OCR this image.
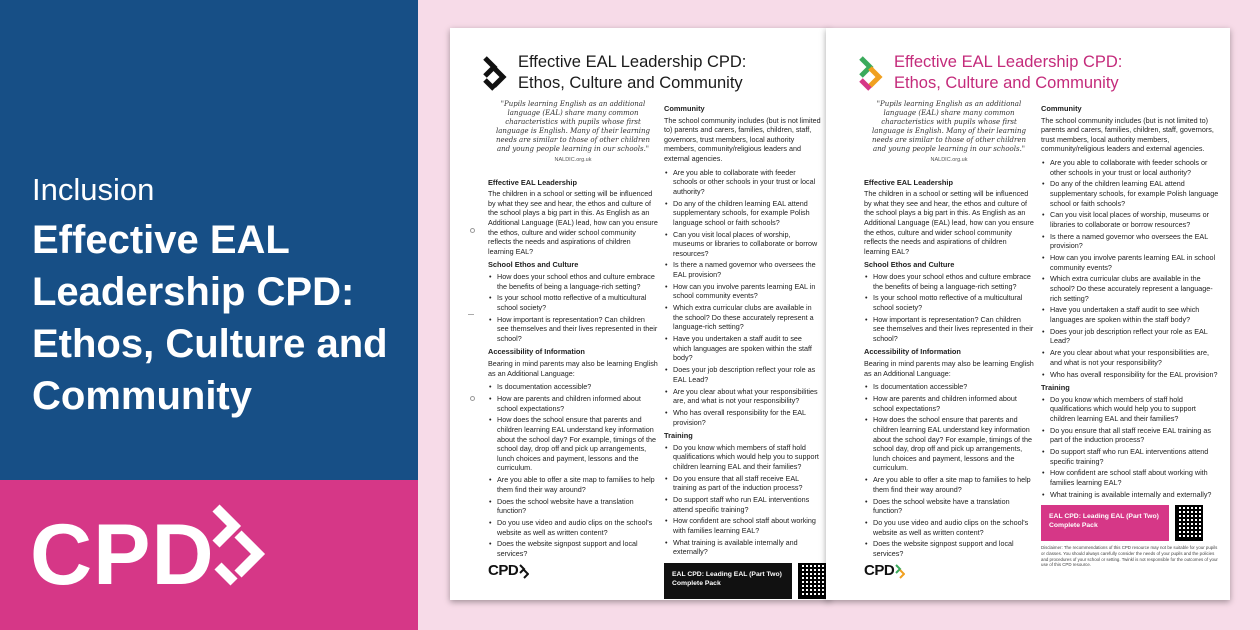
Inclusion
Effective EAL Leadership CPD: Ethos, Culture and Community
CPD
Effective EAL Leadership CPD:
Ethos, Culture and Community
"Pupils learning English as an additional language (EAL) share many common characteristics with pupils whose first language is English. Many of their learning needs are similar to those of other children and young people learning in our schools."
NALDIC.org.uk
Effective EAL Leadership
The children in a school or setting will be influenced by what they see and hear, the ethos and culture of the school plays a big part in this. As English as an Additional Language (EAL) lead, how can you ensure the ethos, culture and wider school community reflects the needs and aspirations of children learning EAL?
School Ethos and Culture
• How does your school ethos and culture embrace the benefits of being a language-rich setting?
• Is your school motto reflective of a multicultural school society?
• How important is representation? Can children see themselves and their lives represented in their school?
Accessibility of Information
Bearing in mind parents may also be learning English as an Additional Language:
• Is documentation accessible?
• How are parents and children informed about school expectations?
• How does the school ensure that parents and children learning EAL understand key information about the school day? For example, timings of the school day, drop off and pick up arrangements, lunch choices and payment, lessons and the curriculum.
• Are you able to offer a site map to families to help them find their way around?
• Does the school website have a translation function?
• Do you use video and audio clips on the school's website as well as written content?
• Does the website signpost support and local services?
Community
The school community includes (but is not limited to) parents and carers, families, children, staff, governors, trust members, local authority members, community/religious leaders and external agencies.
• Are you able to collaborate with feeder schools or other schools in your trust or local authority?
• Do any of the children learning EAL attend supplementary schools, for example Polish language school or faith schools?
• Can you visit local places of worship, museums or libraries to collaborate or borrow resources?
• Is there a named governor who oversees the EAL provision?
• How can you involve parents learning EAL in school community events?
• Which extra curricular clubs are available in the school? Do these accurately represent a language-rich setting?
• Have you undertaken a staff audit to see which languages are spoken within the staff body?
• Does your job description reflect your role as EAL Lead?
• Are you clear about what your responsibilities are, and what is not your responsibility?
• Who has overall responsibility for the EAL provision?
Training
• Do you know which members of staff hold qualifications which would help you to support children learning EAL and their families?
• Do you ensure that all staff receive EAL training as part of the induction process?
• Do support staff who run EAL interventions attend specific training?
• How confident are school staff about working with families learning EAL?
• What training is available internally and externally?
EAL CPD: Leading EAL (Part Two)
Complete Pack
CPD
Effective EAL Leadership CPD:
Ethos, Culture and Community
"Pupils learning English as an additional language (EAL) share many common characteristics with pupils whose first language is English. Many of their learning needs are similar to those of other children and young people learning in our schools."
NALDIC.org.uk
Effective EAL Leadership
The children in a school or setting will be influenced by what they see and hear, the ethos and culture of the school plays a big part in this. As English as an Additional Language (EAL) lead, how can you ensure the ethos, culture and wider school community reflects the needs and aspirations of children learning EAL?
School Ethos and Culture
• How does your school ethos and culture embrace the benefits of being a language-rich setting?
• Is your school motto reflective of a multicultural school society?
• How important is representation? Can children see themselves and their lives represented in their school?
Accessibility of Information
Bearing in mind parents may also be learning English as an Additional Language:
• Is documentation accessible?
• How are parents and children informed about school expectations?
• How does the school ensure that parents and children learning EAL understand key information about the school day? For example, timings of the school day, drop off and pick up arrangements, lunch choices and payment, lessons and the curriculum.
• Are you able to offer a site map to families to help them find their way around?
• Does the school website have a translation function?
• Do you use video and audio clips on the school's website as well as written content?
• Does the website signpost support and local services?
Community
The school community includes (but is not limited to) parents and carers, families, children, staff, governors, trust members, local authority members, community/religious leaders and external agencies.
• Are you able to collaborate with feeder schools or other schools in your trust or local authority?
• Do any of the children learning EAL attend supplementary schools, for example Polish language school or faith schools?
• Can you visit local places of worship, museums or libraries to collaborate or borrow resources?
• Is there a named governor who oversees the EAL provision?
• How can you involve parents learning EAL in school community events?
• Which extra curricular clubs are available in the school? Do these accurately represent a language-rich setting?
• Have you undertaken a staff audit to see which languages are spoken within the staff body?
• Does your job description reflect your role as EAL Lead?
• Are you clear about what your responsibilities are, and what is not your responsibility?
• Who has overall responsibility for the EAL provision?
Training
• Do you know which members of staff hold qualifications which would help you to support children learning EAL and their families?
• Do you ensure that all staff receive EAL training as part of the induction process?
• Do support staff who run EAL interventions attend specific training?
• How confident are school staff about working with families learning EAL?
• What training is available internally and externally?
EAL CPD: Leading EAL (Part Two)
Complete Pack
Disclaimer: The recommendations of this CPD resource may not be suitable for your pupils or classes. You should always carefully consider the needs of your pupils and the policies and procedures of your school or setting. Twinkl is not responsible for the outcomes of your use of this CPD resource.
CPD
